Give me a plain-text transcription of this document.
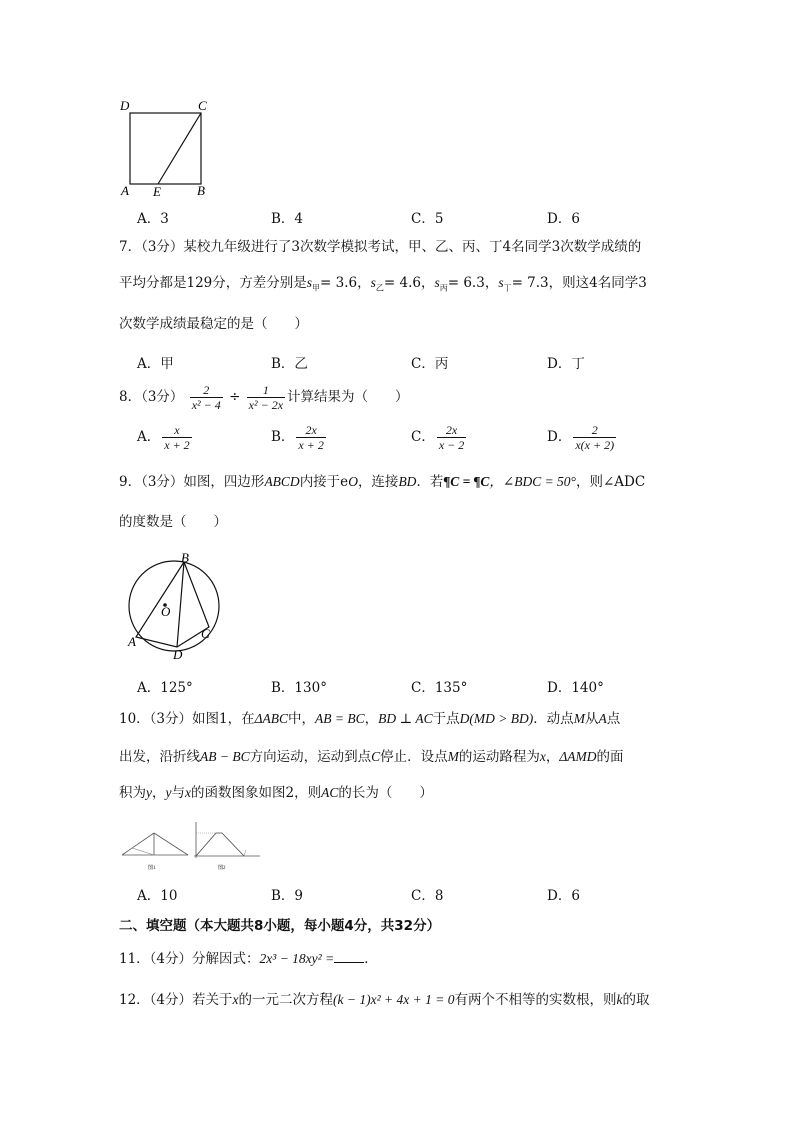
D	C
A E	B
A．3	B．4	C．5	D．6
7．（3分）某校九年级进行了3次数学模拟考试，甲、乙、丙、丁4名同学3次数学成绩的
平均分都是129分，方差分别是$s_甲= 3.6$，$s_乙= 4.6$，$s_丙= 6.3$，$s_丁= 7.3$，则这4名同学3
次数学成绩最稳定的是（　　）
A．甲	B．乙	C．丙	D．丁
8．（3分） $\frac{2}{\text{x² − 4}} \div \frac{1}{\text{x² − 2x}}$ 计算结果为（　　）
A． $\frac{x}{x + 2}$	B． $\frac{2x}{x + 2}$	C． $\frac{2x}{x - 2}$	D． $\frac{2}{x(x + 2)}$
9．（3分）如图，四边形ABCD内接于eO，连接BD．若¶C = ¶C，∠BDC = 50°，则∠ADC
的度数是（　　）
B
O
A
D
C
A．125°	B．130°	C．135°	D．140°
10．（3分）如图1，在ΔABC中，AB = BC，BD ⊥ AC于点D(MD > BD)．动点M从A点
出发，沿折线AB − BC方向运动，运动到点C停止．设点M的运动路程为x，ΔAMD的面
积为y，y与x的函数图象如图2，则AC的长为（　　）
图1	图2
A．10	B．9	C．8	D．6
二、填空题（本大题共8小题，每小题4分，共32分）
11．（4分）分解因式：2x³ − 18xy² = ．
12．（4分）若关于x的一元二次方程(k − 1)x² + 4x + 1 = 0有两个不相等的实数根，则k的取
